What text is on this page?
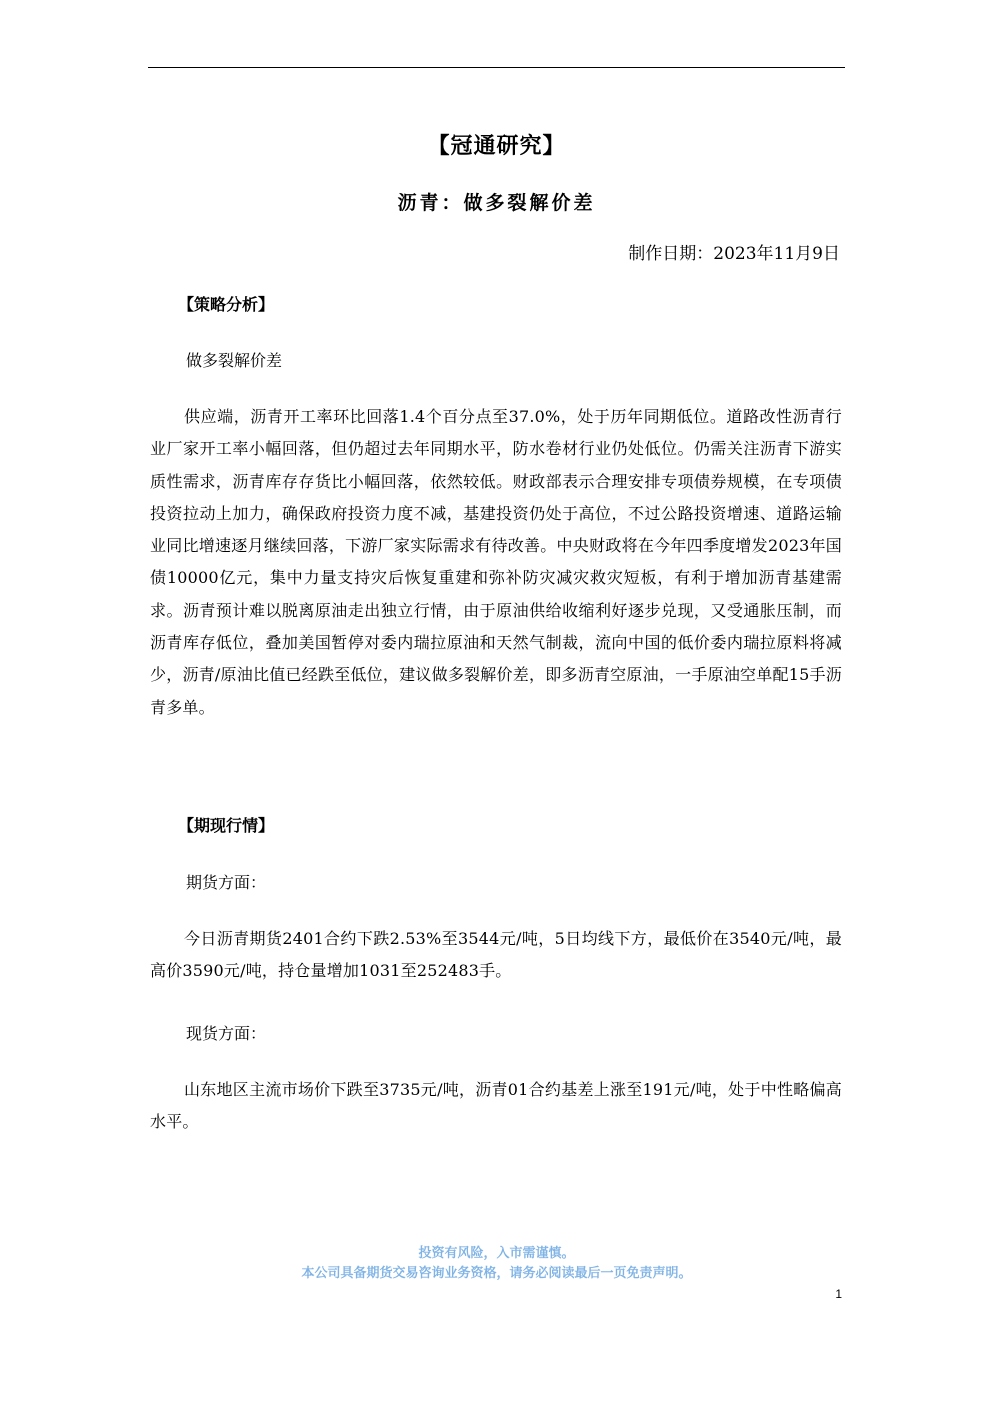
【冠通研究】
沥青：做多裂解价差
制作日期：2023年11月9日
【策略分析】
做多裂解价差
供应端，沥青开工率环比回落1.4个百分点至37.0%，处于历年同期低位。道路改性沥青行业厂家开工率小幅回落，但仍超过去年同期水平，防水卷材行业仍处低位。仍需关注沥青下游实质性需求，沥青库存存货比小幅回落，依然较低。财政部表示合理安排专项债券规模，在专项债投资拉动上加力，确保政府投资力度不减，基建投资仍处于高位，不过公路投资增速、道路运输业同比增速逐月继续回落，下游厂家实际需求有待改善。中央财政将在今年四季度增发2023年国债10000亿元，集中力量支持灾后恢复重建和弥补防灾减灾救灾短板，有利于增加沥青基建需求。沥青预计难以脱离原油走出独立行情，由于原油供给收缩利好逐步兑现，又受通胀压制，而沥青库存低位，叠加美国暂停对委内瑞拉原油和天然气制裁，流向中国的低价委内瑞拉原料将减少，沥青/原油比值已经跌至低位，建议做多裂解价差，即多沥青空原油，一手原油空单配15手沥青多单。
【期现行情】
期货方面：
今日沥青期货2401合约下跌2.53%至3544元/吨，5日均线下方，最低价在3540元/吨，最高价3590元/吨，持仓量增加1031至252483手。
现货方面：
山东地区主流市场价下跌至3735元/吨，沥青01合约基差上涨至191元/吨，处于中性略偏高水平。
投资有风险，入市需谨慎。
本公司具备期货交易咨询业务资格，请务必阅读最后一页免责声明。
1
